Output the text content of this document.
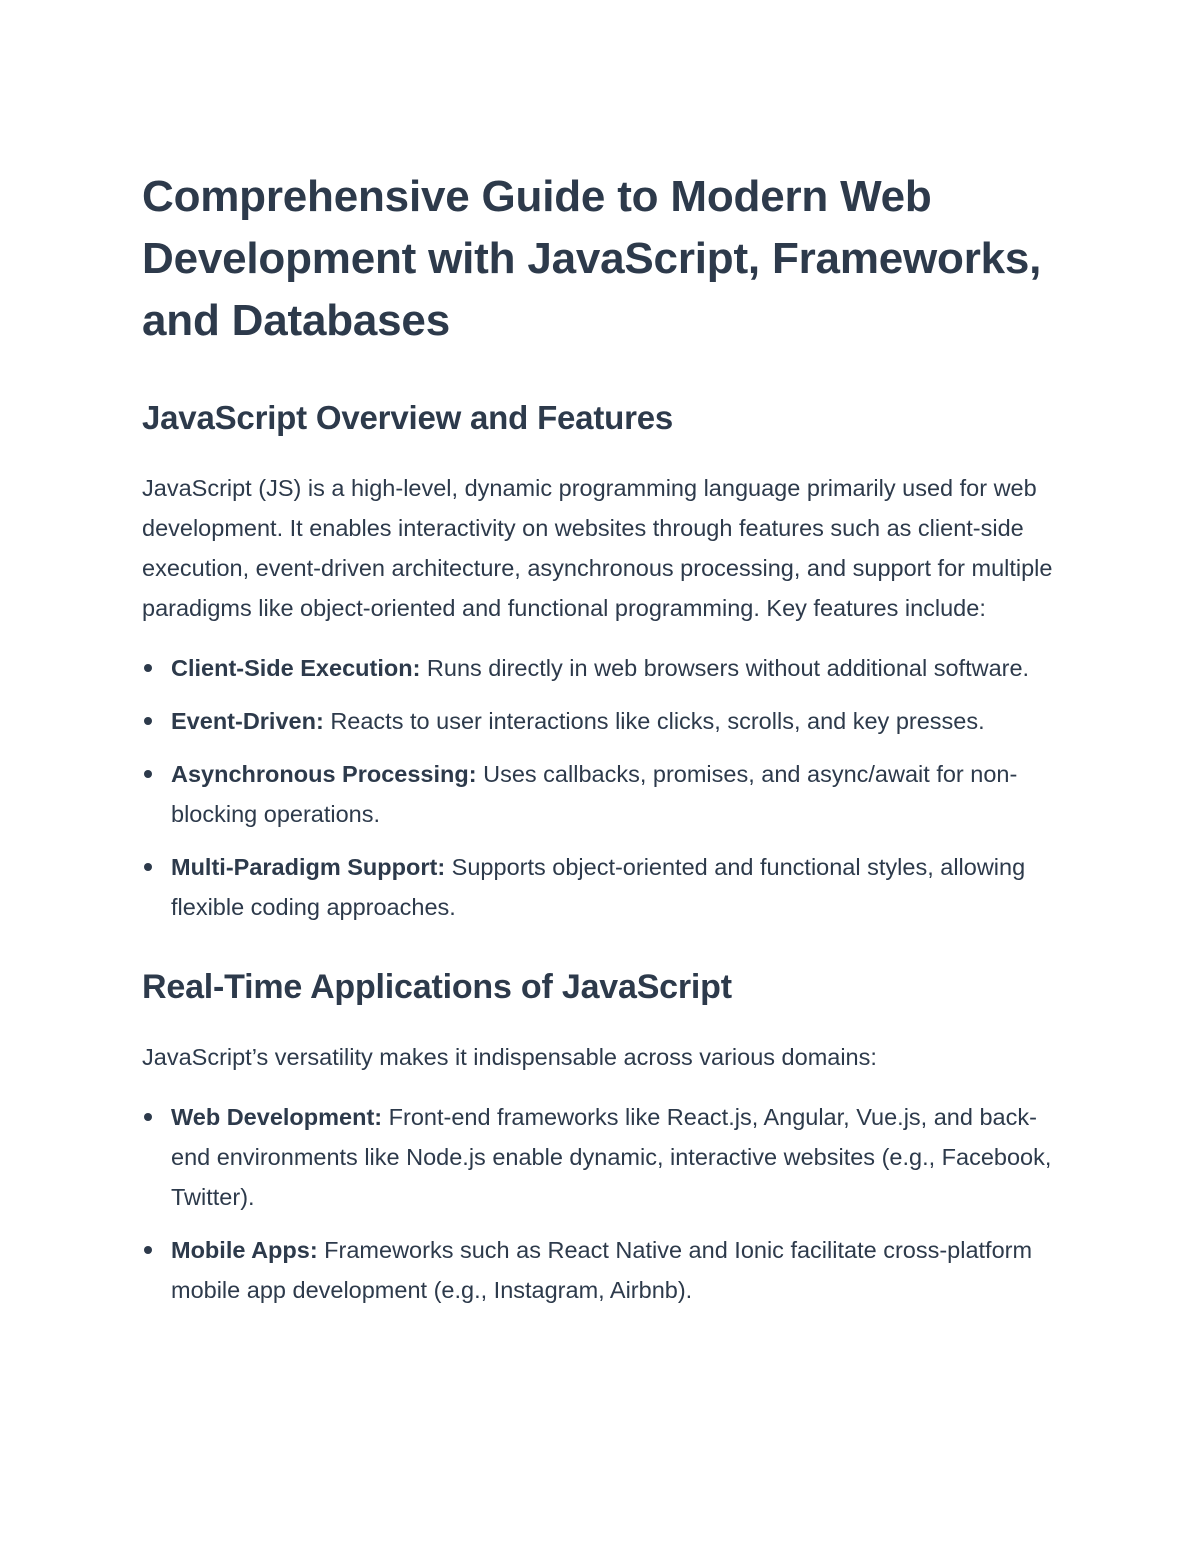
Comprehensive Guide to Modern Web Development with JavaScript, Frameworks, and Databases
JavaScript Overview and Features

JavaScript (JS) is a high-level, dynamic programming language primarily used for web development. It enables interactivity on websites through features such as client-side execution, event-driven architecture, asynchronous processing, and support for multiple paradigms like object-oriented and functional programming. Key features include:

Client-Side Execution: Runs directly in web browsers without additional software.
Event-Driven: Reacts to user interactions like clicks, scrolls, and key presses.
Asynchronous Processing: Uses callbacks, promises, and async/await for non-blocking operations.
Multi-Paradigm Support: Supports object-oriented and functional styles, allowing flexible coding approaches.
Real-Time Applications of JavaScript

JavaScript’s versatility makes it indispensable across various domains:

Web Development: Front-end frameworks like React.js, Angular, Vue.js, and back-end environments like Node.js enable dynamic, interactive websites (e.g., Facebook, Twitter).
Mobile Apps: Frameworks such as React Native and Ionic facilitate cross-platform mobile app development (e.g., Instagram, Airbnb).
